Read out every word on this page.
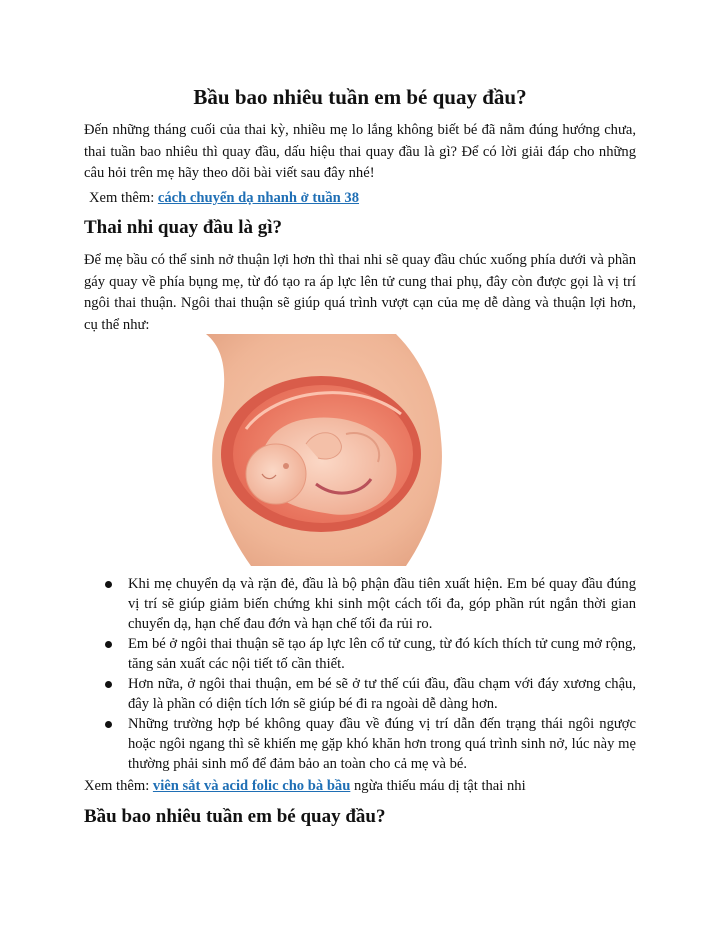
Bầu bao nhiêu tuần em bé quay đầu?
Đến những tháng cuối của thai kỳ, nhiều mẹ lo lắng không biết bé đã nằm đúng hướng chưa, thai tuần bao nhiêu thì quay đầu, dấu hiệu thai quay đầu là gì? Để có lời giải đáp cho những câu hỏi trên mẹ hãy theo dõi bài viết sau đây nhé!
Xem thêm: cách chuyển dạ nhanh ở tuần 38
Thai nhi quay đầu là gì?
Để mẹ bầu có thể sinh nở thuận lợi hơn thì thai nhi sẽ quay đầu chúc xuống phía dưới và phần gáy quay về phía bụng mẹ, từ đó tạo ra áp lực lên tử cung thai phụ, đây còn được gọi là vị trí ngôi thai thuận. Ngôi thai thuận sẽ giúp quá trình vượt cạn của mẹ dễ dàng và thuận lợi hơn, cụ thể như:
Khi mẹ chuyển dạ và rặn đẻ, đầu là bộ phận đầu tiên xuất hiện. Em bé quay đầu đúng vị trí sẽ giúp giảm biến chứng khi sinh một cách tối đa, góp phần rút ngắn thời gian chuyển dạ, hạn chế đau đớn và hạn chế tối đa rủi ro.
Em bé ở ngôi thai thuận sẽ tạo áp lực lên cổ tử cung, từ đó kích thích tử cung mở rộng, tăng sản xuất các nội tiết tố cần thiết.
Hơn nữa, ở ngôi thai thuận, em bé sẽ ở tư thế cúi đầu, đầu chạm với đáy xương chậu, đây là phần có diện tích lớn sẽ giúp bé đi ra ngoài dễ dàng hơn.
Những trường hợp bé không quay đầu về đúng vị trí dẫn đến trạng thái ngôi ngược hoặc ngôi ngang thì sẽ khiến mẹ gặp khó khăn hơn trong quá trình sinh nở, lúc này mẹ thường phải sinh mổ để đảm bảo an toàn cho cả mẹ và bé.
Xem thêm: viên sắt và acid folic cho bà bầu ngừa thiếu máu dị tật thai nhi
Bầu bao nhiêu tuần em bé quay đầu?
